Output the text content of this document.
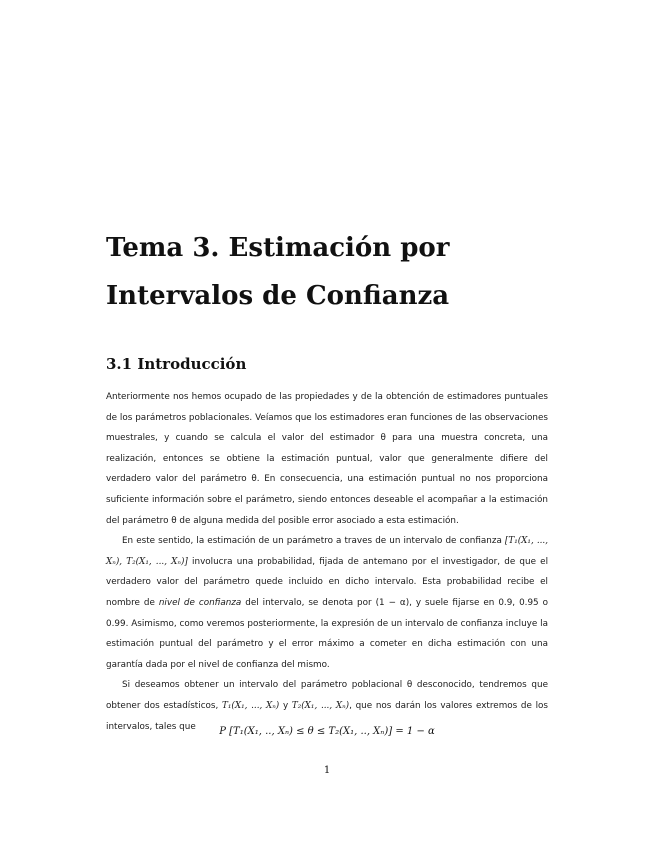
Tema 3. Estimación por
Intervalos de Confianza
3.1 Introducción

Anteriormente nos hemos ocupado de las propiedades y de la obtención de estimadores puntuales de los parámetros poblacionales. Veíamos que los estimadores eran funciones de las observaciones muestrales, y cuando se calcula el valor del estimador θ para una muestra concreta, una realización, entonces se obtiene la estimación puntual, valor que generalmente difiere del verdadero valor del parámetro θ. En consecuencia, una estimación puntual no nos proporciona suficiente información sobre el parámetro, siendo entonces deseable el acompañar a la estimación del parámetro θ de alguna medida del posible error asociado a esta estimación.

En este sentido, la estimación de un parámetro a traves de un intervalo de confianza [T₁(X₁, ..., Xₙ), T₂(X₁, ..., Xₙ)] involucra una probabilidad, fijada de antemano por el investigador, de que el verdadero valor del parámetro quede incluido en dicho intervalo. Esta probabilidad recibe el nombre de nivel de confianza del intervalo, se denota por (1 − α), y suele fijarse en 0.9, 0.95 o 0.99. Asimismo, como veremos posteriormente, la expresión de un intervalo de confianza incluye la estimación puntual del parámetro y el error máximo a cometer en dicha estimación con una garantía dada por el nivel de confianza del mismo.

Si deseamos obtener un intervalo del parámetro poblacional θ desconocido, tendremos que obtener dos estadísticos, T₁(X₁, ..., Xₙ) y T₂(X₁, ..., Xₙ), que nos darán los valores extremos de los intervalos, tales que	P [T₁(X₁, .., Xₙ) ≤ θ ≤ T₂(X₁, .., Xₙ)] = 1 − α
1
